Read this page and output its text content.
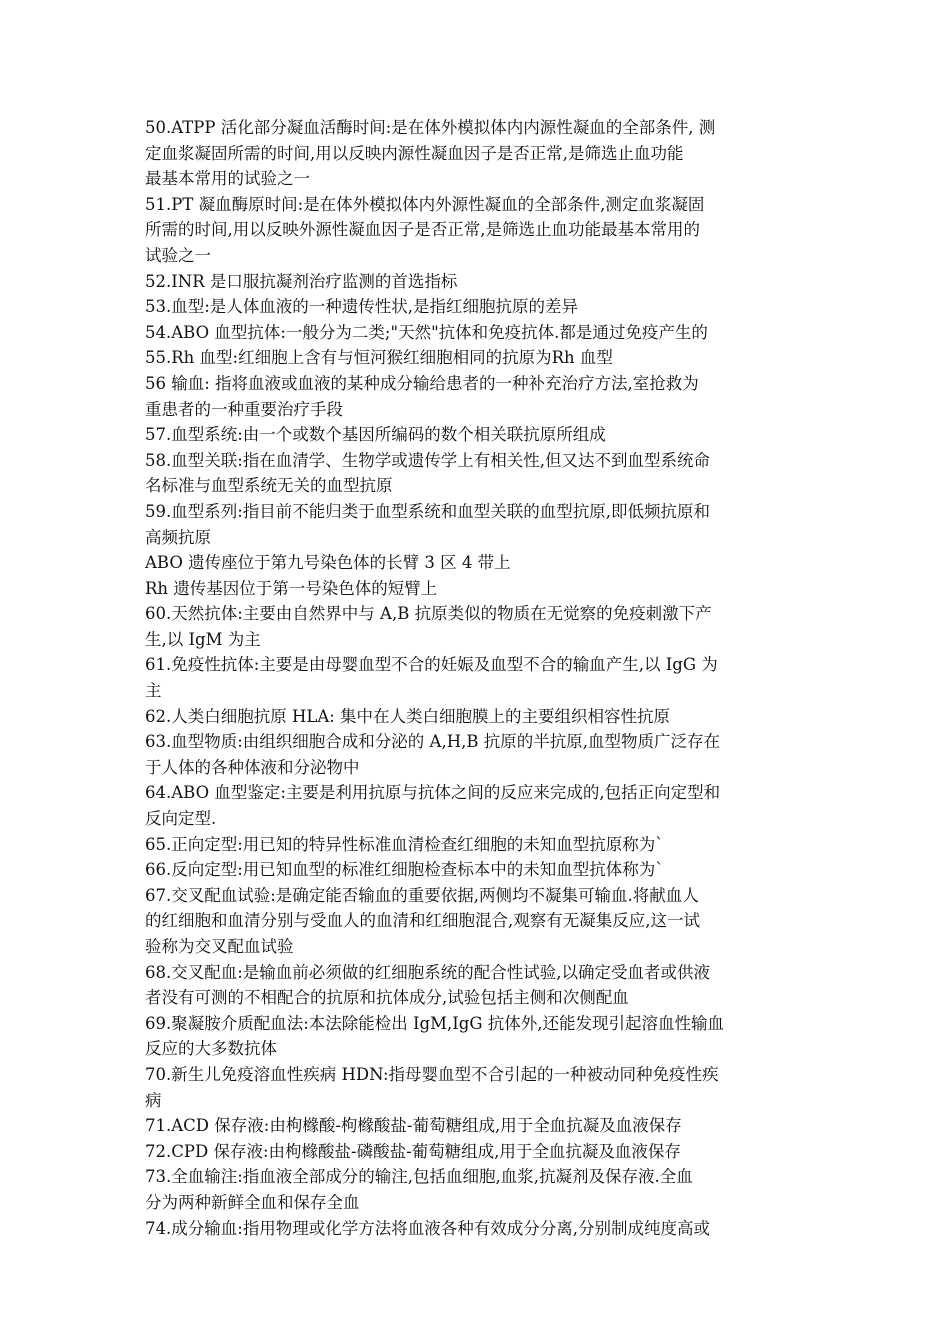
50.ATPP 活化部分凝血活酶时间:是在体外模拟体内内源性凝血的全部条件, 测
定血浆凝固所需的时间,用以反映内源性凝血因子是否正常,是筛选止血功能
最基本常用的试验之一
51.PT 凝血酶原时间:是在体外模拟体内外源性凝血的全部条件,测定血浆凝固
所需的时间,用以反映外源性凝血因子是否正常,是筛选止血功能最基本常用的
试验之一
52.INR 是口服抗凝剂治疗监测的首选指标
53.血型:是人体血液的一种遗传性状,是指红细胞抗原的差异
54.ABO 血型抗体:一般分为二类;"天然"抗体和免疫抗体.都是通过免疫产生的
55.Rh 血型:红细胞上含有与恒河猴红细胞相同的抗原为Rh 血型
56 输血: 指将血液或血液的某种成分输给患者的一种补充治疗方法,室抢救为
重患者的一种重要治疗手段
57.血型系统:由一个或数个基因所编码的数个相关联抗原所组成
58.血型关联:指在血清学、生物学或遗传学上有相关性,但又达不到血型系统命
名标准与血型系统无关的血型抗原
59.血型系列:指目前不能归类于血型系统和血型关联的血型抗原,即低频抗原和
高频抗原
ABO 遗传座位于第九号染色体的长臂 3 区 4 带上
Rh 遗传基因位于第一号染色体的短臂上
60.天然抗体:主要由自然界中与 A,B 抗原类似的物质在无觉察的免疫刺激下产
生,以 IgM 为主
61.免疫性抗体:主要是由母婴血型不合的妊娠及血型不合的输血产生,以 IgG 为
主
62.人类白细胞抗原 HLA: 集中在人类白细胞膜上的主要组织相容性抗原
63.血型物质:由组织细胞合成和分泌的 A,H,B 抗原的半抗原,血型物质广泛存在
于人体的各种体液和分泌物中
64.ABO 血型鉴定:主要是利用抗原与抗体之间的反应来完成的,包括正向定型和
反向定型.
65.正向定型:用已知的特异性标准血清检查红细胞的未知血型抗原称为`
66.反向定型:用已知血型的标准红细胞检查标本中的未知血型抗体称为`
67.交叉配血试验:是确定能否输血的重要依据,两侧均不凝集可输血.将献血人
的红细胞和血清分别与受血人的血清和红细胞混合,观察有无凝集反应,这一试
验称为交叉配血试验
68.交叉配血:是输血前必须做的红细胞系统的配合性试验,以确定受血者或供液
者没有可测的不相配合的抗原和抗体成分,试验包括主侧和次侧配血
69.聚凝胺介质配血法:本法除能检出 IgM,IgG 抗体外,还能发现引起溶血性输血
反应的大多数抗体
70.新生儿免疫溶血性疾病 HDN:指母婴血型不合引起的一种被动同种免疫性疾
病
71.ACD 保存液:由枸橼酸-枸橼酸盐-葡萄糖组成,用于全血抗凝及血液保存
72.CPD 保存液:由枸橼酸盐-磷酸盐-葡萄糖组成,用于全血抗凝及血液保存
73.全血输注:指血液全部成分的输注,包括血细胞,血浆,抗凝剂及保存液.全血
分为两种新鲜全血和保存全血
74.成分输血:指用物理或化学方法将血液各种有效成分分离,分别制成纯度高或
